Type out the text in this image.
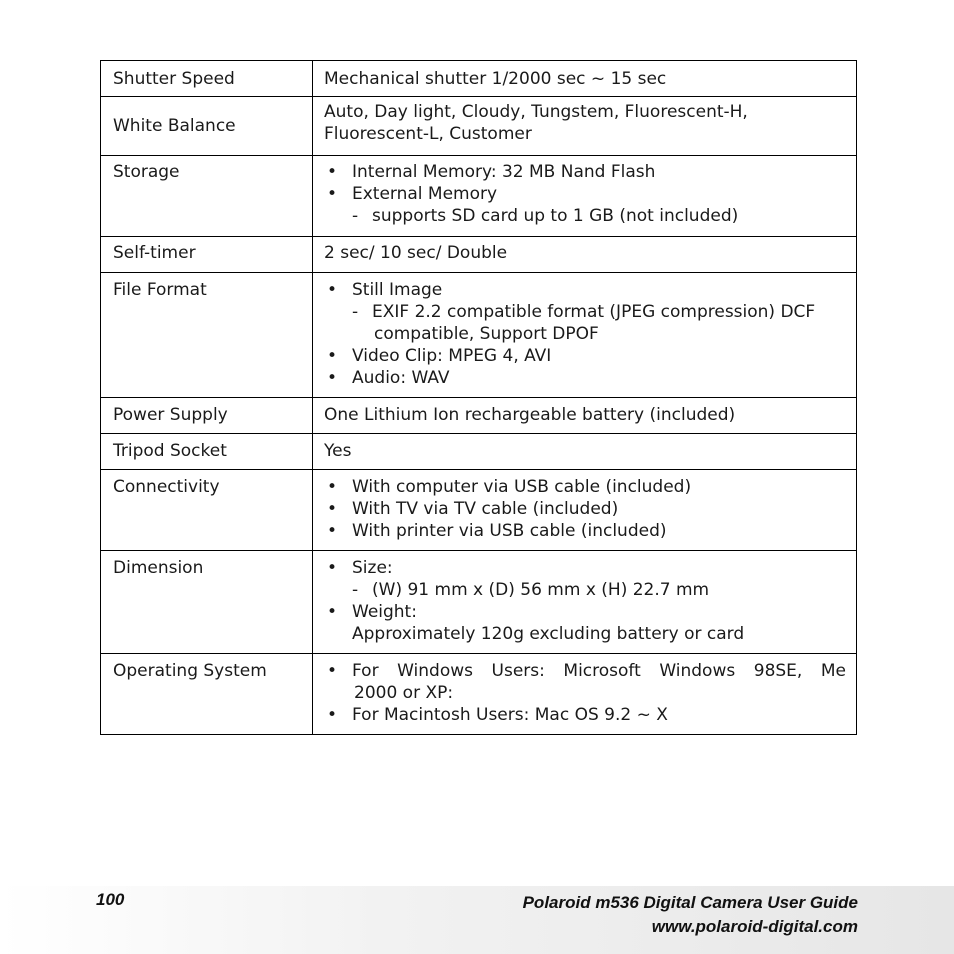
Shutter Speed	Mechanical shutter 1/2000 sec ~ 15 sec
White Balance	Auto, Day light, Cloudy, Tungstem, Fluorescent-H,
Fluorescent-L, Customer

Storage	• Internal Memory: 32 MB Nand Flash
• External Memory
- supports SD card up to 1 GB (not included)

Self-timer	2 sec/ 10 sec/ Double
File Format	• Still Image
- EXIF 2.2 compatible format (JPEG compression) DCF
compatible, Support DPOF
• Video Clip: MPEG 4, AVI
• Audio: WAV

Power Supply	One Lithium Ion rechargeable battery (included)
Tripod Socket	Yes
Connectivity	• With computer via USB cable (included)
• With TV via TV cable (included)
• With printer via USB cable (included)

Dimension	• Size:
- (W) 91 mm x (D) 56 mm x (H) 22.7 mm
• Weight:
Approximately 120g excluding battery or card

Operating System	• For Windows Users: Microsoft Windows 98SE, Me
2000 or XP:
• For Macintosh Users: Mac OS 9.2 ~ X
100	Polaroid m536 Digital Camera User Guide
www.polaroid-digital.com
